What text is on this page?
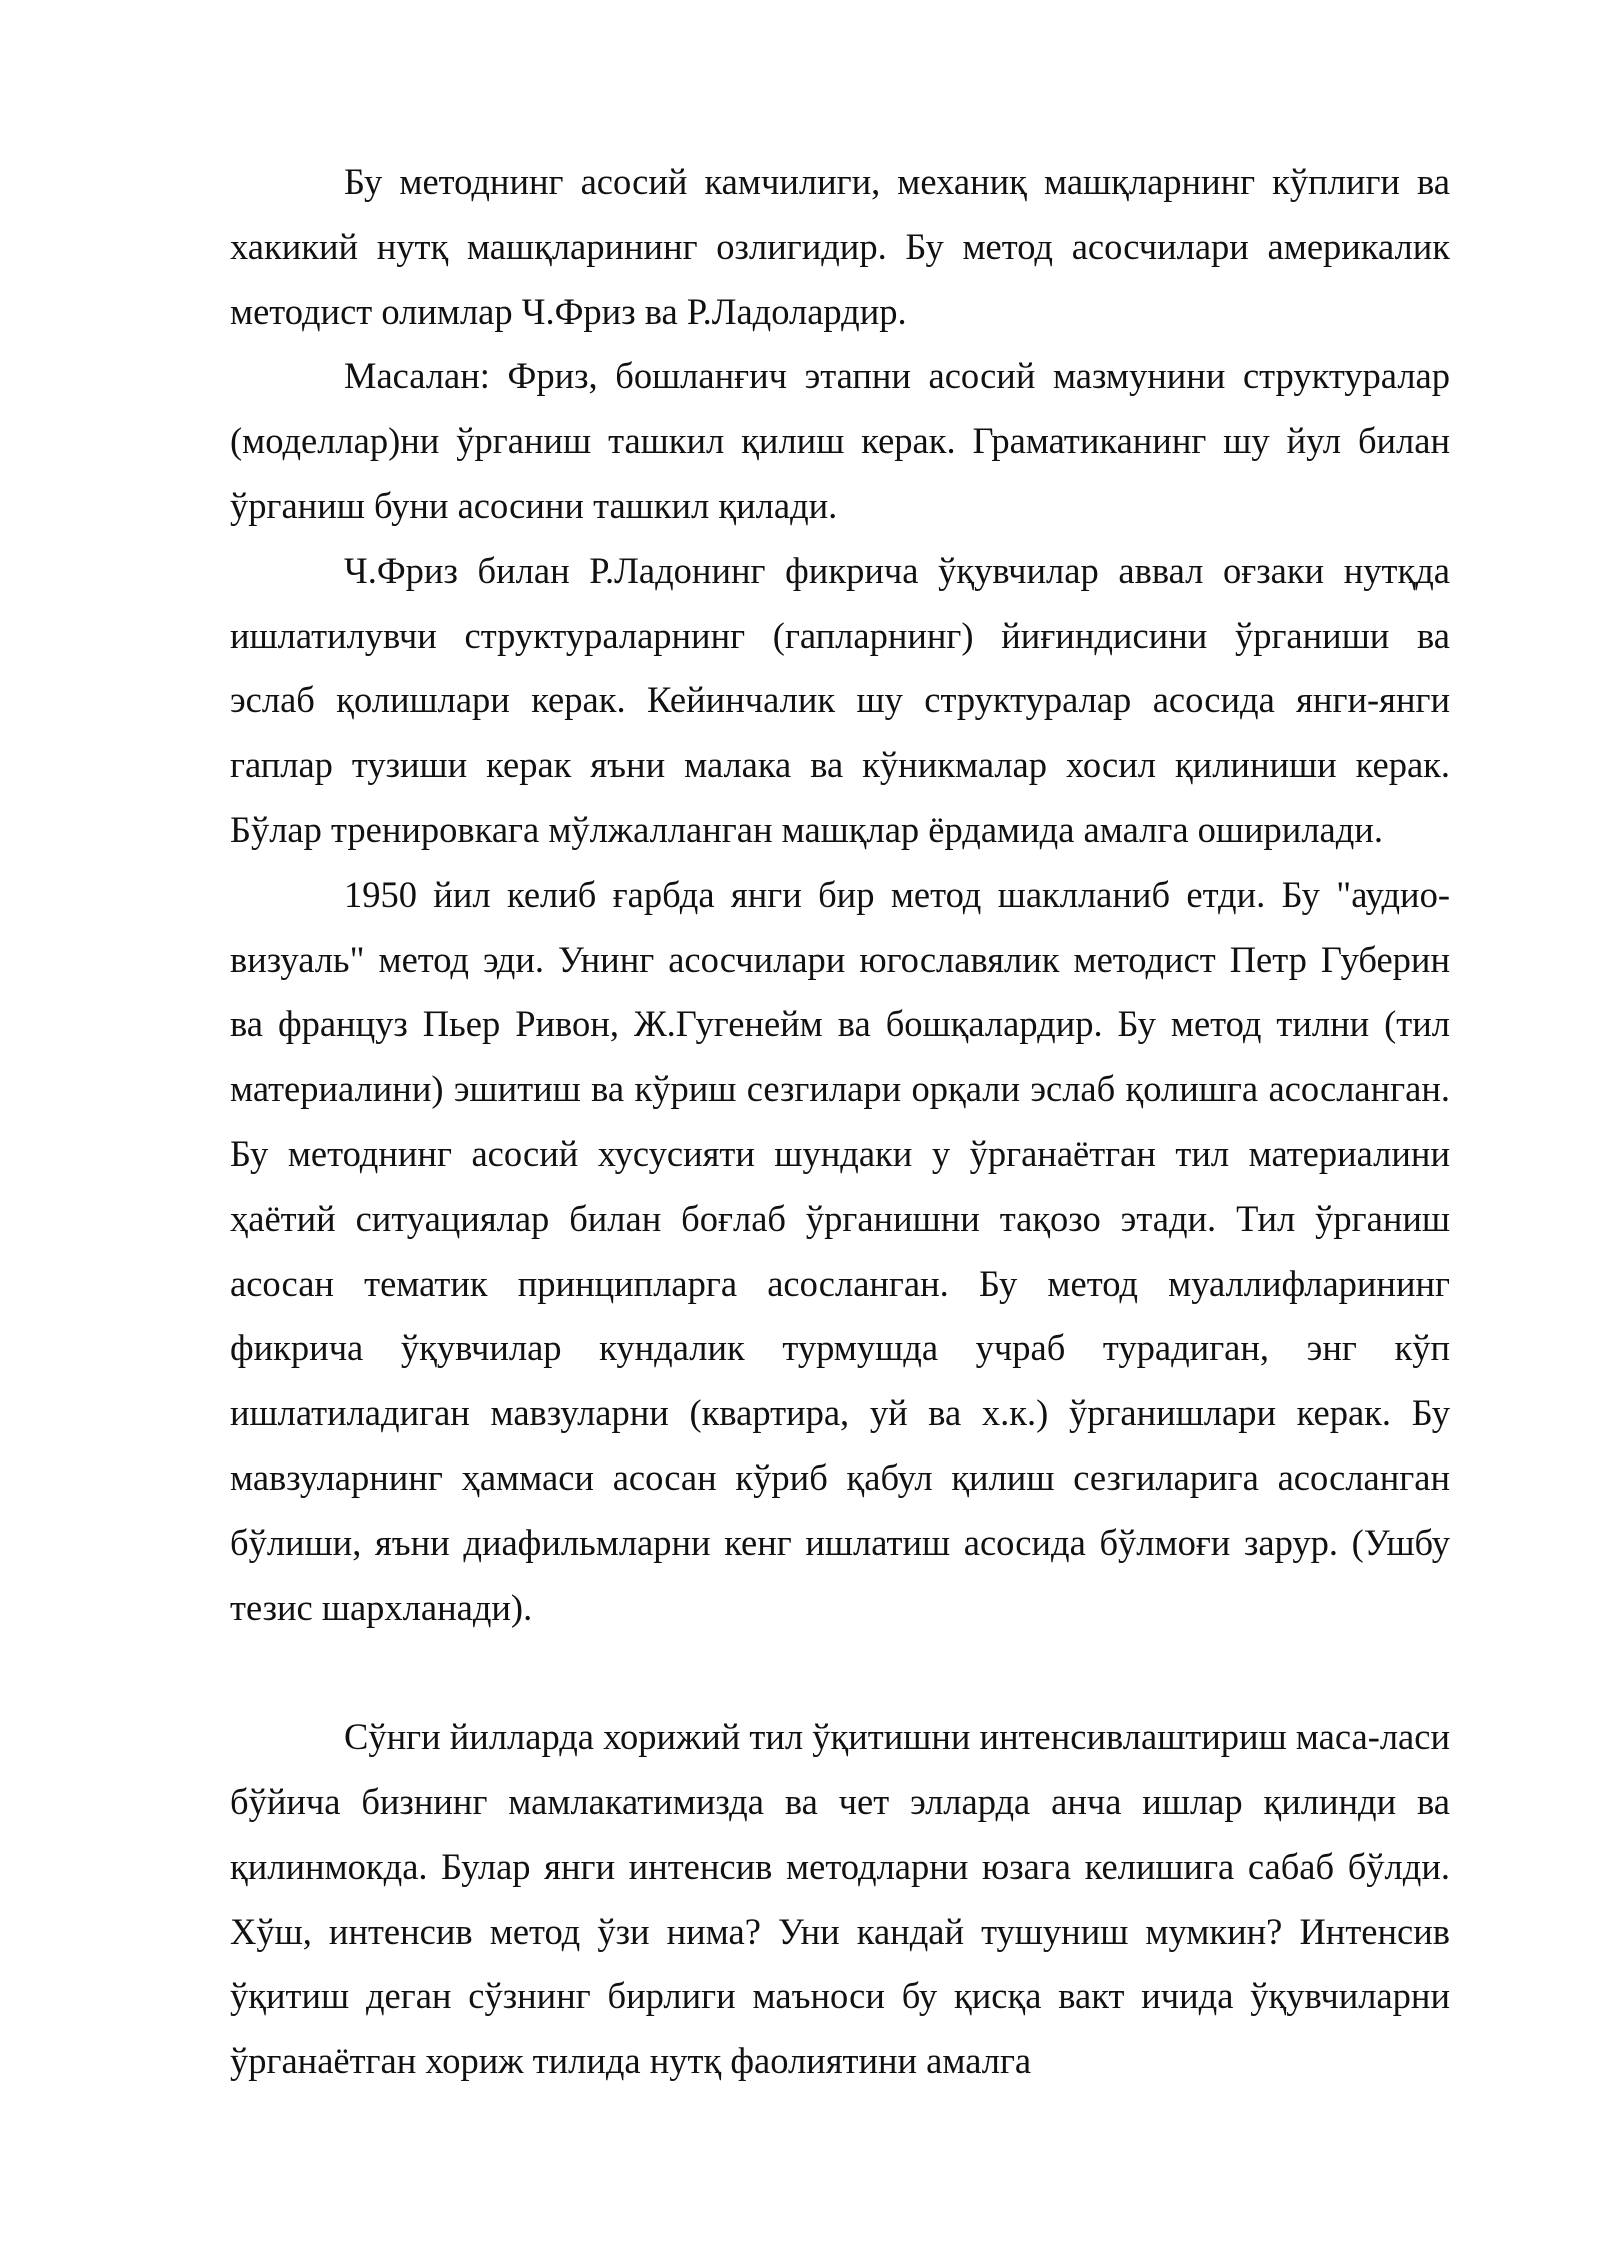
Бу методнинг асосий камчилиги, механиқ машқларнинг кўплиги ва хакикий нутқ машқларининг озлигидир. Бу метод асосчилари америкалик методист олимлар Ч.Фриз ва Р.Ладолардир.

Масалан: Фриз, бошланғич этапни асосий мазмунини структуралар (моделлар)ни ўрганиш ташкил қилиш керак. Граматиканинг шу йул билан ўрганиш буни асосини ташкил қилади.

Ч.Фриз билан Р.Ладонинг фикрича ўқувчилар аввал оғзаки нутқда ишлатилувчи структураларнинг (гапларнинг) йиғиндисини ўрганиши ва эслаб қолишлари керак. Кейинчалик шу структуралар асосида янги-янги гаплар тузиши керак яъни малака ва кўникмалар хосил қилиниши керак. Бўлар тренировкага мўлжалланган машқлар ёрдамида амалга оширилади.

1950 йил келиб ғарбда янги бир метод шаклланиб етди. Бу "аудио-визуаль" метод эди. Унинг асосчилари югославялик методист Петр Губерин ва француз Пьер Ривон, Ж.Гугенейм ва бошқалардир. Бу метод тилни (тил материалини) эшитиш ва кўриш сезгилари орқали эслаб қолишга асосланган. Бу методнинг асосий хусусияти шундаки у ўрганаётган тил материалини ҳаётий ситуациялар билан боғлаб ўрганишни тақозо этади. Тил ўрганиш асосан тематик принципларга асосланган. Бу метод муаллифларининг фикрича ўқувчилар кундалик турмушда учраб турадиган, энг кўп ишлатиладиган мавзуларни (квартира, уй ва х.к.) ўрганишлари керак. Бу мавзуларнинг ҳаммаси асосан кўриб қабул қилиш сезгиларига асосланган бўлиши, яъни диафильмларни кенг ишлатиш асосида бўлмоғи зарур. (Ушбу тезис шархланади).

Сўнги йилларда хорижий тил ўқитишни интенсивлаштириш маса-ласи бўйича бизнинг мамлакатимизда ва чет элларда анча ишлар қилинди ва қилинмокда. Булар янги интенсив методларни юзага келишига сабаб бўлди. Хўш, интенсив метод ўзи нима? Уни кандай тушуниш мумкин? Интенсив ўқитиш деган сўзнинг бирлиги маъноси бу қисқа вакт ичида ўқувчиларни ўрганаётган хориж тилида нутқ фаолиятини амалга
